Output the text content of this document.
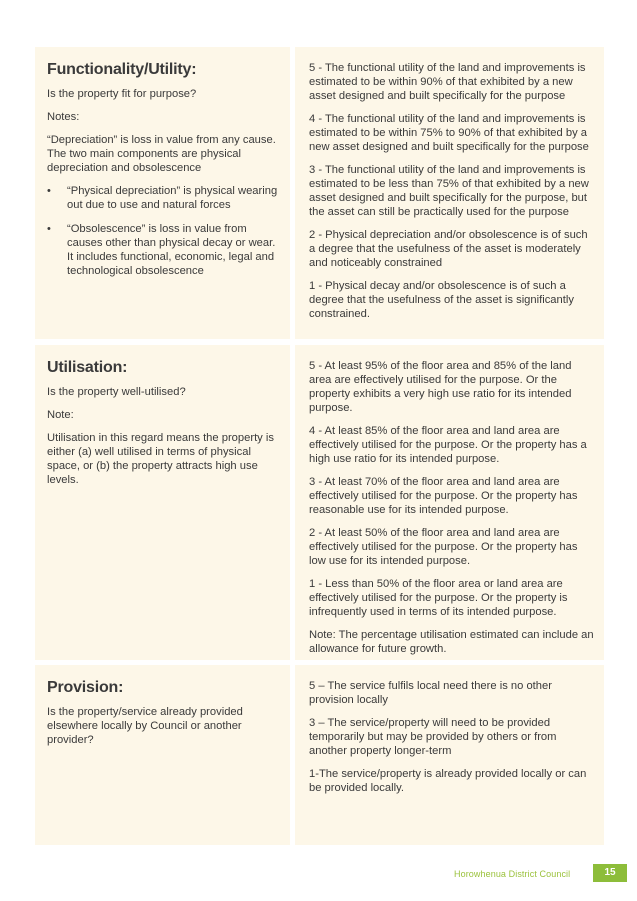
Functionality/Utility:

Is the property fit for purpose?

Notes:

“Depreciation” is loss in value from any cause. The two main components are physical depreciation and obsolescence

• “Physical depreciation” is physical wearing out due to use and natural forces
• “Obsolescence” is loss in value from causes other than physical decay or wear. It includes functional, economic, legal and technological obsolescence

5 - The functional utility of the land and improvements is estimated to be within 90% of that exhibited by a new asset designed and built specifically for the purpose

4 - The functional utility of the land and improvements is estimated to be within 75% to 90% of that exhibited by a new asset designed and built specifically for the purpose

3 - The functional utility of the land and improvements is estimated to be less than 75% of that exhibited by a new asset designed and built specifically for the purpose, but the asset can still be practically used for the purpose

2 - Physical depreciation and/or obsolescence is of such a degree that the usefulness of the asset is moderately and noticeably constrained

1 - Physical decay and/or obsolescence is of such a degree that the usefulness of the asset is significantly constrained.

Utilisation:

Is the property well-utilised?

Note:

Utilisation in this regard means the property is either (a) well utilised in terms of physical space, or (b) the property attracts high use levels.

5 - At least 95% of the floor area and 85% of the land area are effectively utilised for the purpose. Or the property exhibits a very high use ratio for its intended purpose.

4 - At least 85% of the floor area and land area are effectively utilised for the purpose. Or the property has a high use ratio for its intended purpose.

3 - At least 70% of the floor area and land area are effectively utilised for the purpose. Or the property has reasonable use for its intended purpose.

2 - At least 50% of the floor area and land area are effectively utilised for the purpose. Or the property has low use for its intended purpose.

1 - Less than 50% of the floor area or land area are effectively utilised for the purpose. Or the property is infrequently used in terms of its intended purpose.

Note: The percentage utilisation estimated can include an allowance for future growth.

Provision:

Is the property/service already provided elsewhere locally by Council or another provider?

5 – The service fulfils local need there is no other provision locally

3 – The service/property will need to be provided temporarily but may be provided by others or from another property longer-term

1-The service/property is already provided locally or can be provided locally.

Horowhenua District Council	15
